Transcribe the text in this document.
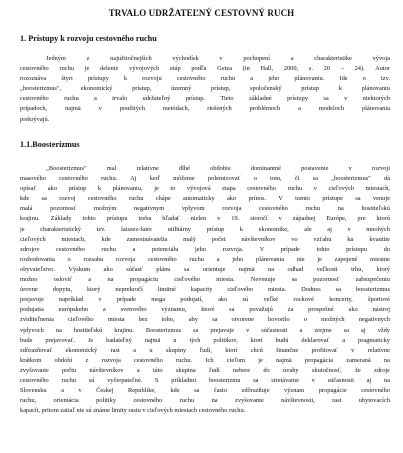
TRVALO UDRŽATEĽNÝ CESTOVNÝ RUCH
1. Prístupy k rozvoju cestovného ruchu
Jedným z najužitočnejších východísk v pochopení a charakteristike vývoja
cestovného ruchu je delenie vývojových etáp podľa Getza (in Hall, 2000, s. 20 – 24). Autor
rozoznáva štyri prístupy k rozvoju cestovného ruchu a jeho plánovaniu. Ide o tzv.
„boosterizmus", ekonomický prístup, územný prístup, spoločenský prístup k plánovaniu
cestovného ruchu a trvalo udržateľný prístup. Tieto základné prístupy sa v niektorých
prípadoch, najmä v použitých metódach, riešených problémoch a modeloch plánovania
prekrývajú.
1.1.Boosterizmus
„Boosterizmus" mal relatívne dlhé obdobie dominantné postavenie v rozvoji
masového cestovného ruchu. Aj keď môžeme polemizovať o tom, či sa „boosterizmus" dá
opísať ako prístup k plánovaniu, je to vývojová etapa cestovného ruchu v cieľových miestach,
kde sa rozvoj cestovného ruchu chápe automaticky ako prínos. V tomto prístupe sa venuje
malá pozornosť možným negatívnym vplyvom rozvoja cestovného ruchu na hostiteľskú
krajinu. Základy tohto prístupu treba hľadať nielen v 19. storočí v západnej Európe, pre ktorú
je charakteristický tzv. laissez-faire utilitárny prístup k ekonomike, ale aj v mnohých
cieľových miestach, kde zamestnávatelia malý počet návštevníkov vo vzťahu ku kvantite
zdrojov cestovného ruchu a potenciálu jeho rozvoja. V prípade tohto prístupu do
rozhodovania o rozsahu rozvoja cestovného ruchu a jeho plánovania nie je zapojené miestne
obyvateľstvo. Výskum ako súčasť plánu sa orientuje najmä na odhad veľkosti trhu, ktorý
možno osloviť a na propagáciu cieľového miesta. Nevenuje sa pozornosť zabezpečeniu
úrovne dopytu, ktorý neprekročí limitné kapacity cieľového miesta. Dodnes sa boosterizmus
prejavuje napríklad v prípade mega podujatí, ako sú veľké rockové koncerty, športové
podujatia európskeho a svetového významu, ktoré sa považujú za prospešné ako nástroj
zviditeľnenia cieľového miesta bez toho, aby sa otvorene hovorilo o možných negatívnych
vplyvoch na hostiteľskú krajinu. Boosterizmus sa prejavuje v súčasnosti a zrejme sa aj vždy
bude prejavovať. Je badateľný najmä u tých politikov, ktorí budú deklarovať a pragmaticky
zdôrazňovať ekonomický rast a u skupiny ľudí, ktorí chcú finančne profitovať v relatívne
krátkom období z rozvoja cestovného ruchu. Ich cieľom je najmä propagácia zameraná na
zvyšovanie počtu návštevníkov a táto skupina ľudí nebere do úvahy skutočnosť, že zdroje
cestovného ruchu sú vyčerpateľné. S príkladmi boosterizmu sa stretávame v súčasnosti aj na
Slovensku a v Českej Republike, kde sa často zdôrazňuje význam propagácie cestovného
ruchu, orientácia politiky cestovného ruchu na zvyšovanie návštevnosti, rast ubytovacích
kapacít, pritom zatiaľ nie sú známe limity rastu v cieľových miestach cestovného ruchu.
